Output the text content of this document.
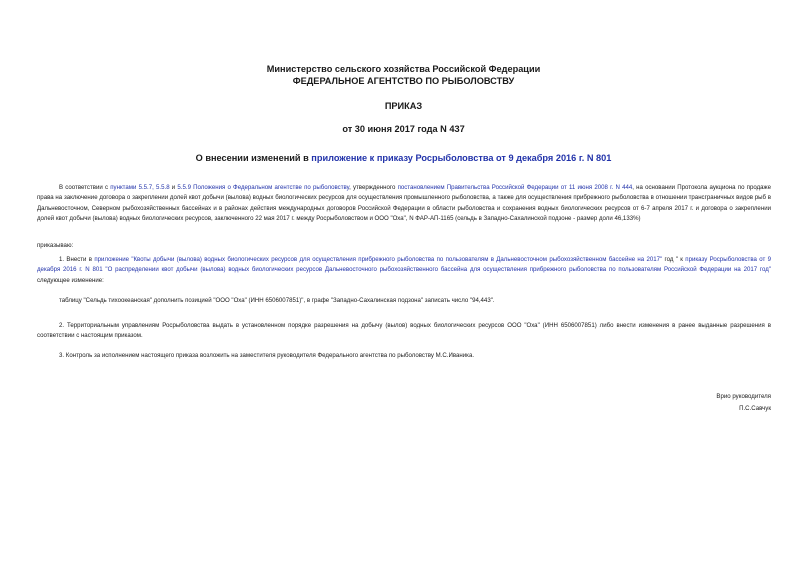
Министерство сельского хозяйства Российской Федерации
ФЕДЕРАЛЬНОЕ АГЕНТСТВО ПО РЫБОЛОВСТВУ
ПРИКАЗ
от 30 июня 2017 года N 437
О внесении изменений в приложение к приказу Росрыболовства от 9 декабря 2016 г. N 801
В соответствии с пунктами 5.5.7, 5.5.8 и 5.5.9 Положения о Федеральном агентстве по рыболовству, утвержденного постановлением Правительства Российской Федерации от 11 июня 2008 г. N 444, на основании Протокола аукциона по продаже права на заключение договора о закреплении долей квот добычи (вылова) водных биологических ресурсов для осуществления промышленного рыболовства, а также для осуществления прибрежного рыболовства в отношении трансграничных видов рыб в Дальневосточном, Северном рыбохозяйственных бассейнах и в районах действия международных договоров Российской Федерации в области рыболовства и сохранения водных биологических ресурсов от 6-7 апреля 2017 г. и договора о закреплении долей квот добычи (вылова) водных биологических ресурсов, заключенного 22 мая 2017 г. между Росрыболовством и ООО "Оха", N ФАР-АП-1165 (сельдь в Западно-Сахалинской подзоне - размер доли 46,133%)
приказываю:
1. Внести в приложение "Квоты добычи (вылова) водных биологических ресурсов для осуществления прибрежного рыболовства по пользователям в Дальневосточном рыбохозяйственном бассейне на 2017" год " к приказу Росрыболовства от 9 декабря 2016 г. N 801 "О распределении квот добычи (вылова) водных биологических ресурсов Дальневосточного рыбохозяйственного бассейна для осуществления прибрежного рыболовства по пользователям Российской Федерации на 2017 год" следующее изменение:
таблицу "Сельдь тихоокеанская" дополнить позицией "ООО "Оха" (ИНН 6506007851)", в графе "Западно-Сахалинская подзона" записать число "94,443".
2. Территориальным управлениям Росрыболовства выдать в установленном порядке разрешения на добычу (вылов) водных биологических ресурсов ООО "Оха" (ИНН 6506007851) либо внести изменения в ранее выданные разрешения в соответствии с настоящим приказом.
3. Контроль за исполнением настоящего приказа возложить на заместителя руководителя Федерального агентства по рыболовству М.С.Иваника.
Врио руководителя
П.С.Савчук
